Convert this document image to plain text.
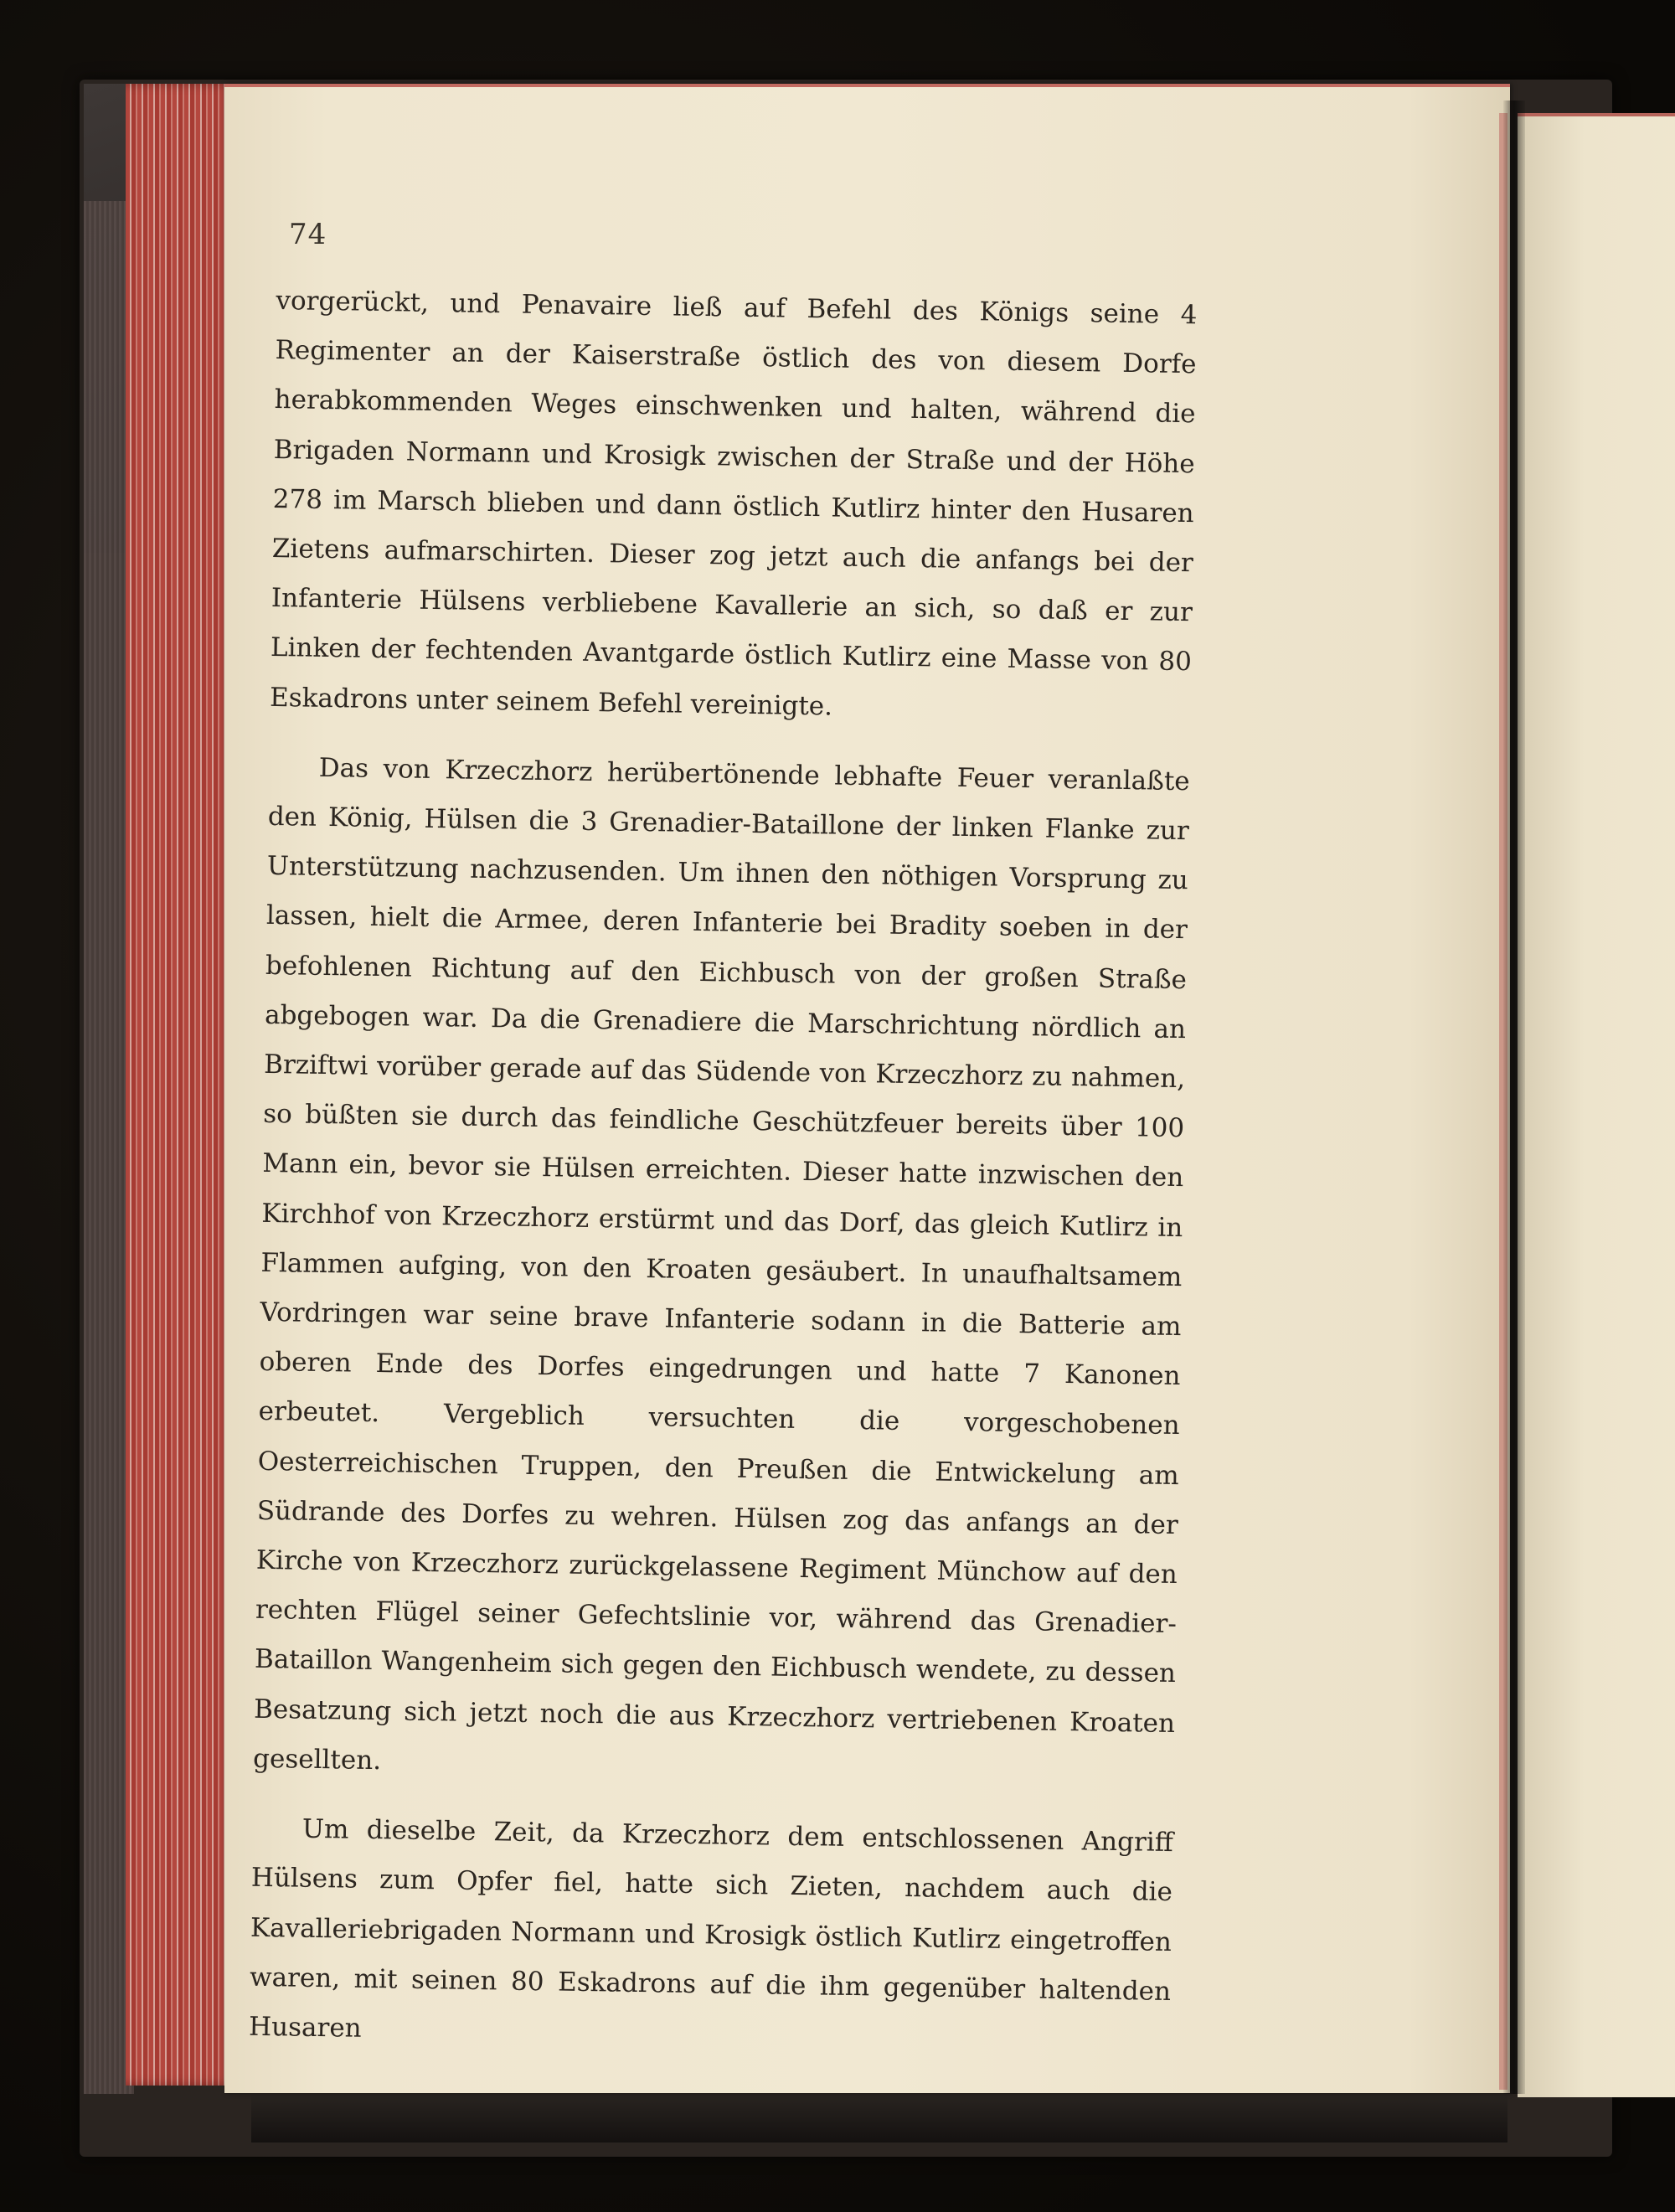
74

vorgerückt, und Penavaire ließ auf Befehl des Königs seine 4 Regimenter an der Kaiserstraße östlich des von diesem Dorfe herabkommenden Weges einschwenken und halten, während die Brigaden Normann und Krosigk zwischen der Straße und der Höhe 278 im Marsch blieben und dann östlich Kutlirz hinter den Husaren Zietens aufmarschirten. Dieser zog jetzt auch die anfangs bei der Infanterie Hülsens verbliebene Kavallerie an sich, so daß er zur Linken der fechtenden Avantgarde östlich Kutlirz eine Masse von 80 Eskadrons unter seinem Befehl vereinigte.

Das von Krzeczhorz herübertönende lebhafte Feuer veranlaßte den König, Hülsen die 3 Grenadier-Bataillone der linken Flanke zur Unterstützung nachzusenden. Um ihnen den nöthigen Vorsprung zu lassen, hielt die Armee, deren Infanterie bei Bradity soeben in der befohlenen Richtung auf den Eichbusch von der großen Straße abgebogen war. Da die Grenadiere die Marschrichtung nördlich an Brziftwi vorüber gerade auf das Südende von Krzeczhorz zu nahmen, so büßten sie durch das feindliche Geschützfeuer bereits über 100 Mann ein, bevor sie Hülsen erreichten. Dieser hatte inzwischen den Kirchhof von Krzeczhorz erstürmt und das Dorf, das gleich Kutlirz in Flammen aufging, von den Kroaten gesäubert. In unaufhaltsamem Vordringen war seine brave Infanterie sodann in die Batterie am oberen Ende des Dorfes eingedrungen und hatte 7 Kanonen erbeutet. Vergeblich versuchten die vorgeschobenen Oesterreichischen Truppen, den Preußen die Entwickelung am Südrande des Dorfes zu wehren. Hülsen zog das anfangs an der Kirche von Krzeczhorz zurückgelassene Regiment Münchow auf den rechten Flügel seiner Gefechtslinie vor, während das Grenadier-Bataillon Wangenheim sich gegen den Eichbusch wendete, zu dessen Besatzung sich jetzt noch die aus Krzeczhorz vertriebenen Kroaten gesellten.

Um dieselbe Zeit, da Krzeczhorz dem entschlossenen Angriff Hülsens zum Opfer fiel, hatte sich Zieten, nachdem auch die Kavalleriebrigaden Normann und Krosigk östlich Kutlirz eingetroffen waren, mit seinen 80 Eskadrons auf die ihm gegenüber haltenden Husaren
